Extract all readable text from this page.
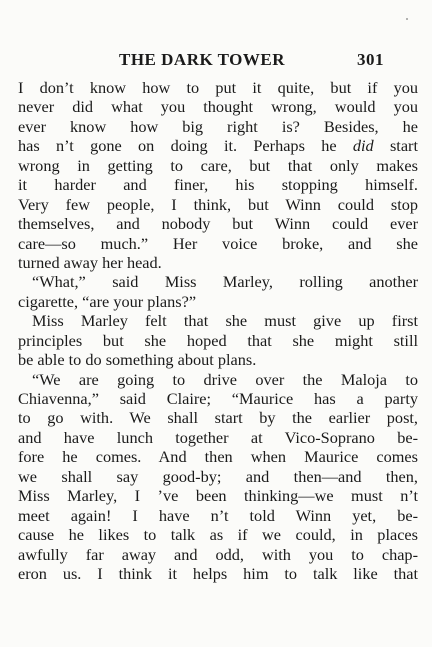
THE DARK TOWER	301
I don’t know how to put it quite, but if you
never did what you thought wrong, would you
ever know how big right is? Besides, he
has n’t gone on doing it. Perhaps he did start
wrong in getting to care, but that only makes
it harder and finer, his stopping himself.
Very few people, I think, but Winn could stop
themselves, and nobody but Winn could ever
care—so much.” Her voice broke, and she
turned away her head.
“What,” said Miss Marley, rolling another
cigarette, “are your plans?”
Miss Marley felt that she must give up first
principles but she hoped that she might still
be able to do something about plans.
“We are going to drive over the Maloja to
Chiavenna,” said Claire; “Maurice has a party
to go with. We shall start by the earlier post,
and have lunch together at Vico-Soprano be-
fore he comes. And then when Maurice comes
we shall say good-by; and then—and then,
Miss Marley, I ’ve been thinking—we must n’t
meet again! I have n’t told Winn yet, be-
cause he likes to talk as if we could, in places
awfully far away and odd, with you to chap-
eron us. I think it helps him to talk like that
